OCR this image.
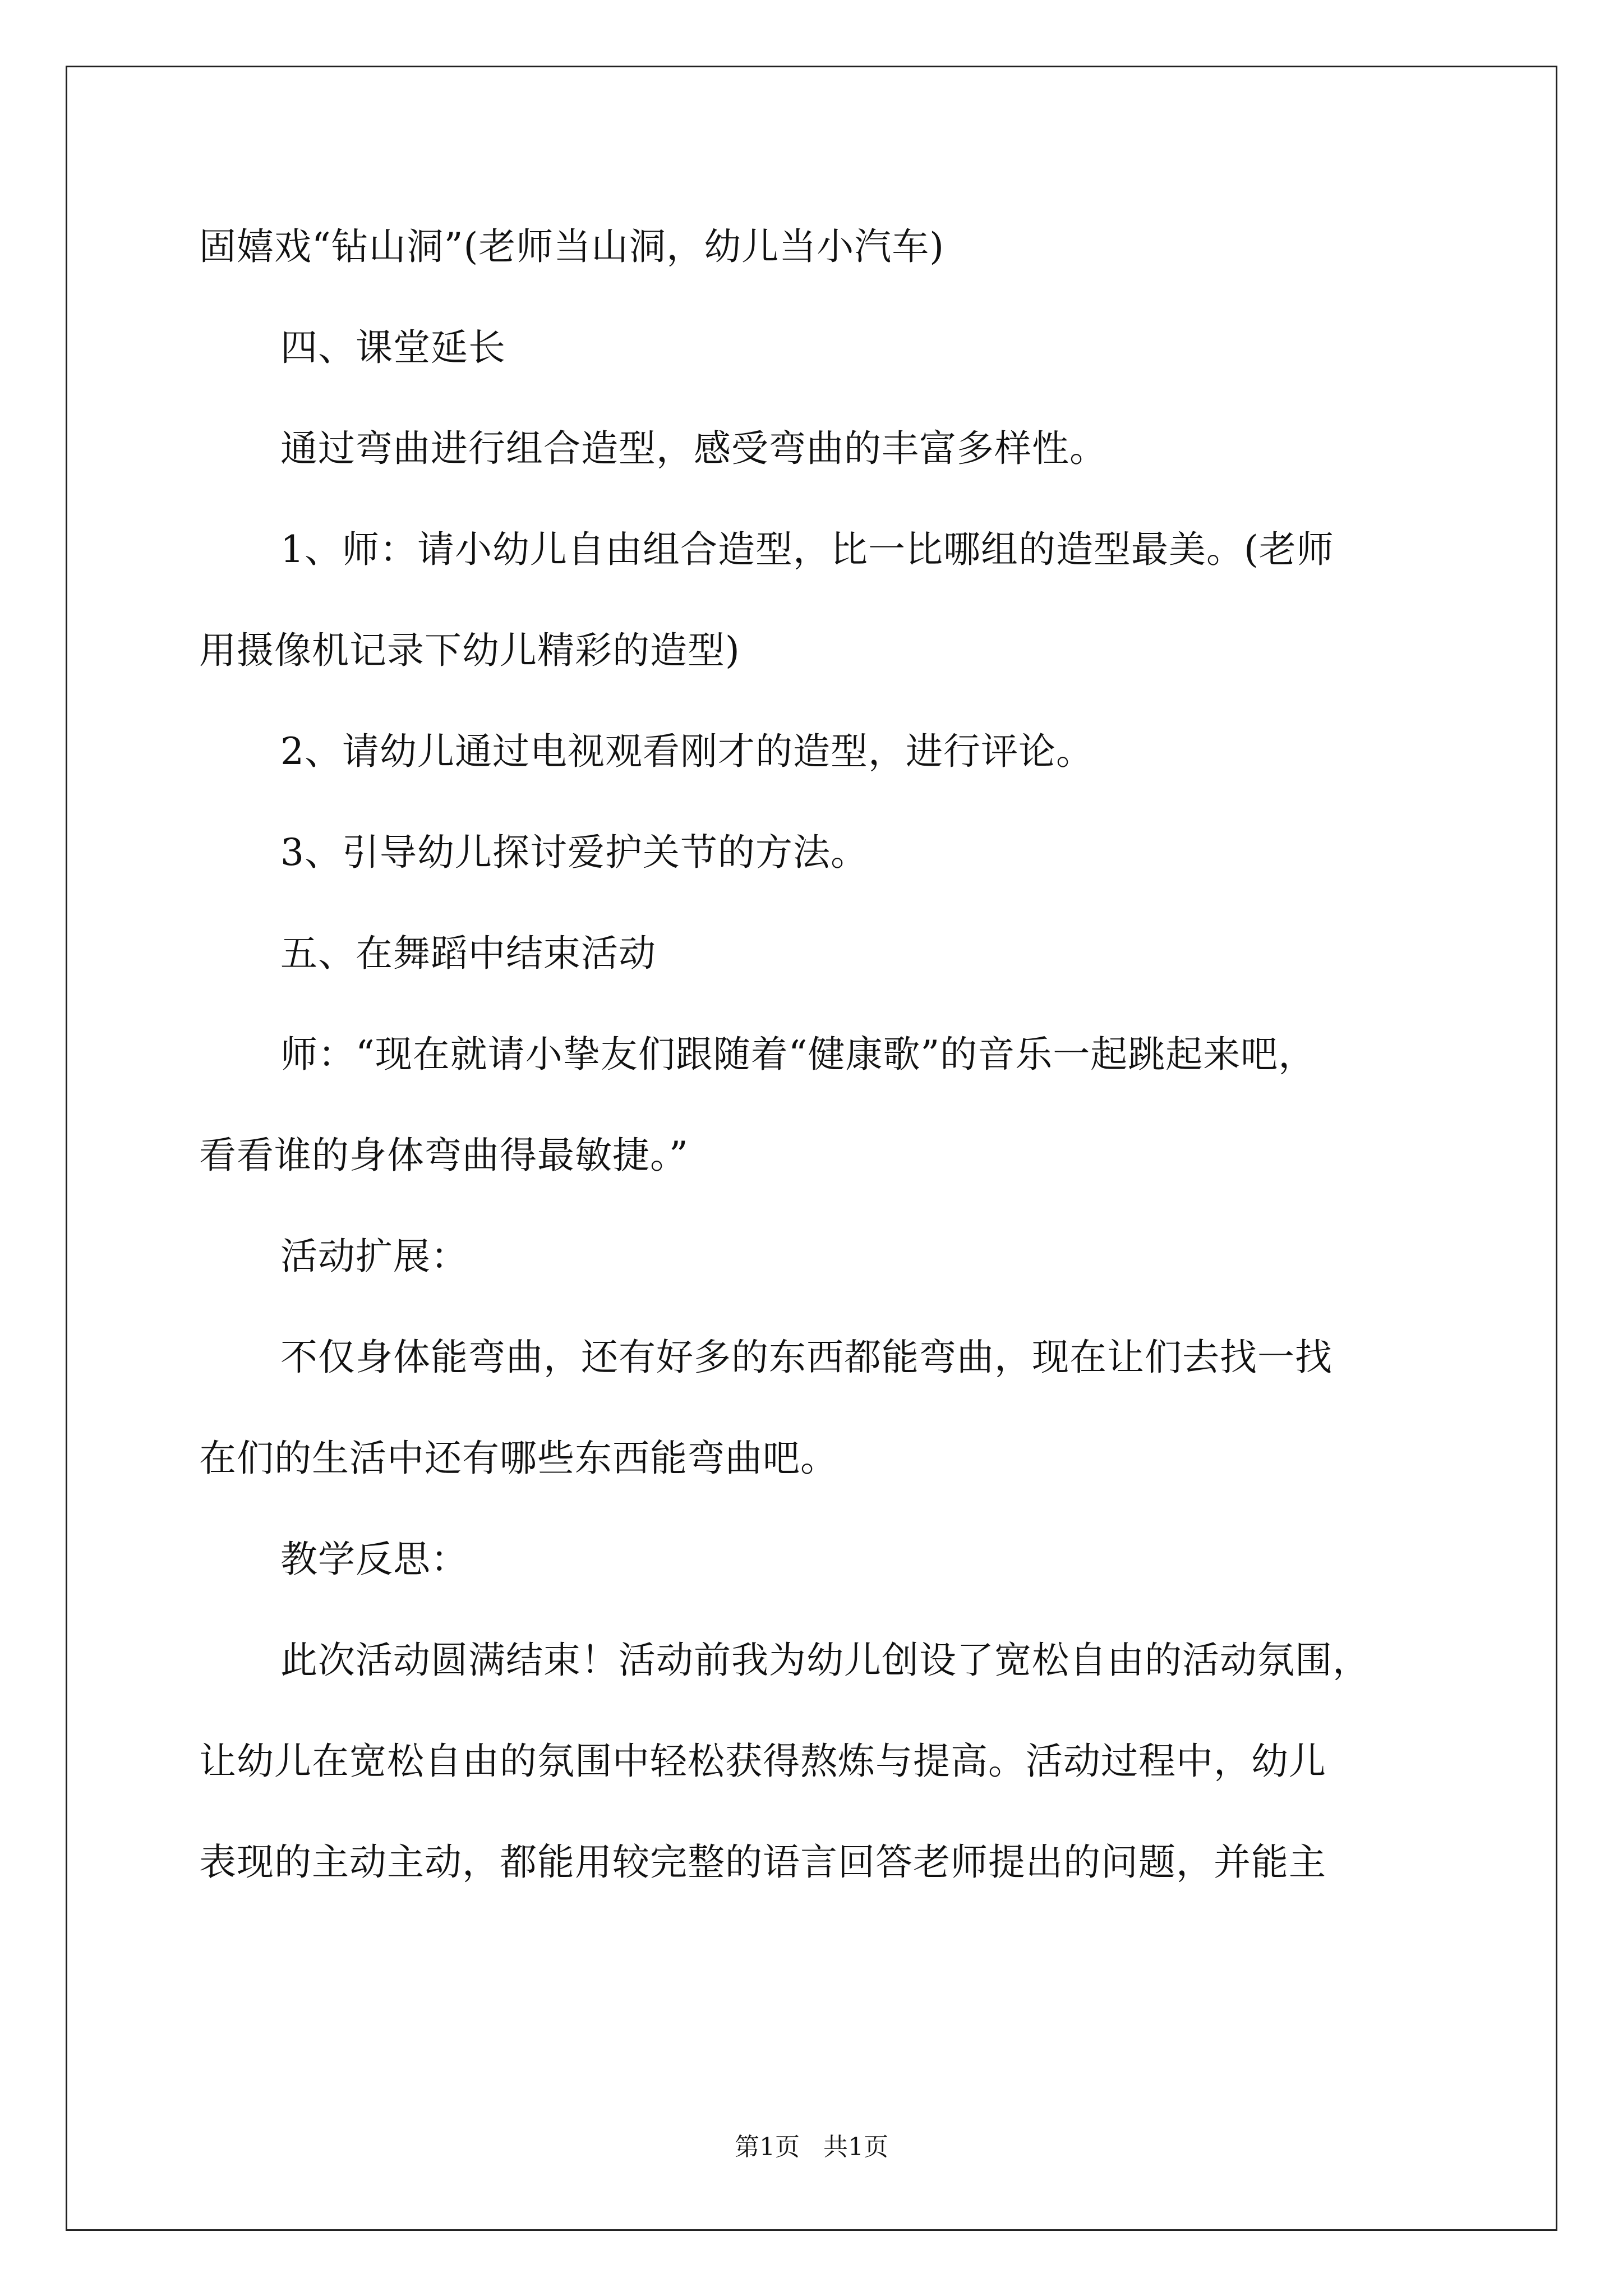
固嬉戏“钻山洞”(老师当山洞，幼儿当小汽车)
四、课堂延长
通过弯曲进行组合造型，感受弯曲的丰富多样性。
1、师：请小幼儿自由组合造型，比一比哪组的造型最美。(老师
用摄像机记录下幼儿精彩的造型)
2、请幼儿通过电视观看刚才的造型，进行评论。
3、引导幼儿探讨爱护关节的方法。
五、在舞蹈中结束活动
师：“现在就请小挚友们跟随着“健康歌”的音乐一起跳起来吧，
看看谁的身体弯曲得最敏捷。”
活动扩展：
不仅身体能弯曲，还有好多的东西都能弯曲，现在让们去找一找
在们的生活中还有哪些东西能弯曲吧。
教学反思：
此次活动圆满结束！活动前我为幼儿创设了宽松自由的活动氛围，
让幼儿在宽松自由的氛围中轻松获得熬炼与提高。活动过程中，幼儿
表现的主动主动，都能用较完整的语言回答老师提出的问题，并能主
第1页   共1页
